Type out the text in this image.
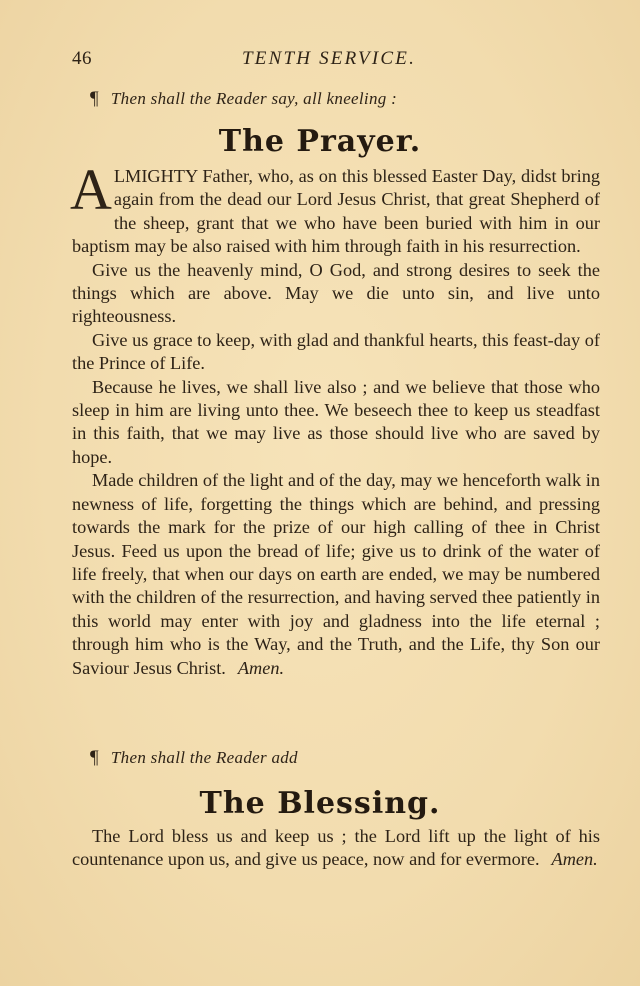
46	TENTH SERVICE.
¶ Then shall the Reader say, all kneeling :
The Prayer.

ALMIGHTY Father, who, as on this blessed Easter Day, didst bring again from the dead our Lord Jesus Christ, that great Shepherd of the sheep, grant that we who have been buried with him in our baptism may be also raised with him through faith in his resurrection.

Give us the heavenly mind, O God, and strong desires to seek the things which are above. May we die unto sin, and live unto righteousness.

Give us grace to keep, with glad and thankful hearts, this feast-day of the Prince of Life.

Because he lives, we shall live also ; and we believe that those who sleep in him are living unto thee. We beseech thee to keep us steadfast in this faith, that we may live as those should live who are saved by hope.

Made children of the light and of the day, may we henceforth walk in newness of life, forgetting the things which are behind, and pressing towards the mark for the prize of our high calling of thee in Christ Jesus. Feed us upon the bread of life; give us to drink of the water of life freely, that when our days on earth are ended, we may be numbered with the children of the resurrection, and having served thee patiently in this world may enter with joy and gladness into the life eternal ; through him who is the Way, and the Truth, and the Life, thy Son our Saviour Jesus Christ. Amen.

¶ Then shall the Reader add
The Blessing.

The Lord bless us and keep us ; the Lord lift up the light of his countenance upon us, and give us peace, now and for evermore. Amen.
